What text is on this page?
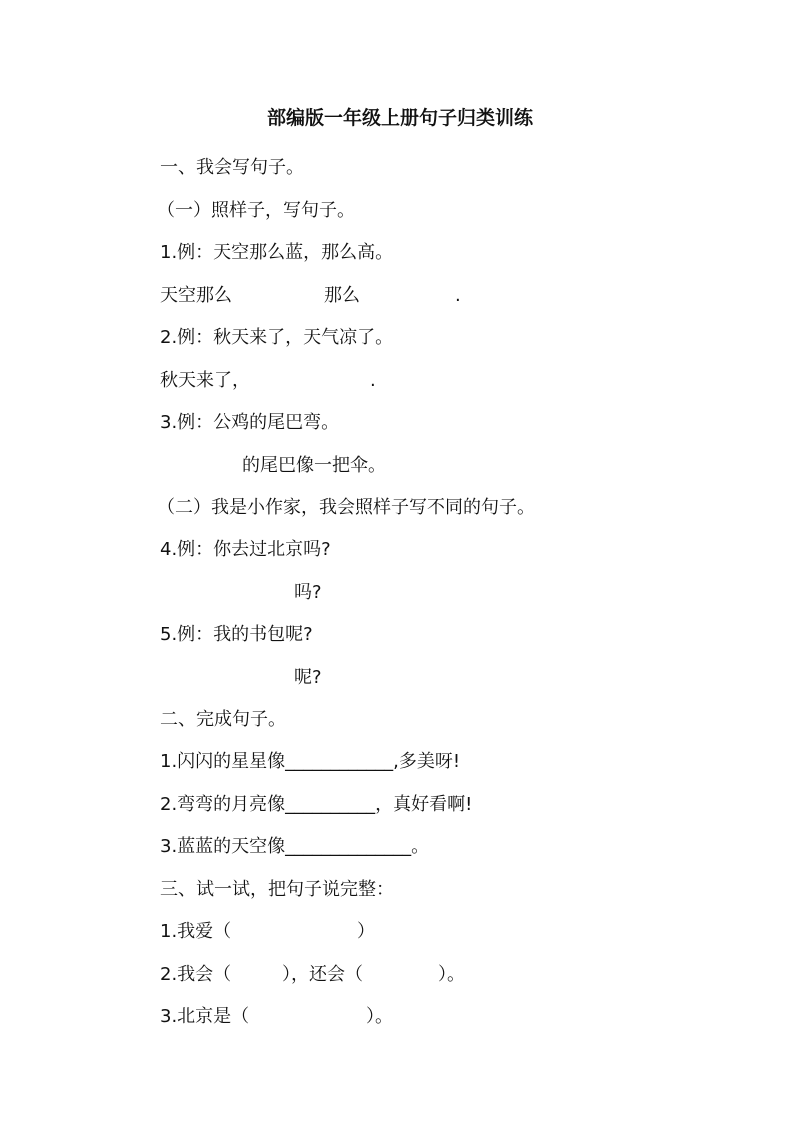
部编版一年级上册句子归类训练
一、我会写句子。
（一）照样子，写句子。
1.例：天空那么蓝，那么高。
天空那么	那么	.
2.例：秋天来了，天气凉了。
秋天来了，	.
3.例：公鸡的尾巴弯。
的尾巴像一把伞。
（二）我是小作家，我会照样子写不同的句子。
4.例：你去过北京吗?
吗?
5.例：我的书包呢?
呢?
二、完成句子。
1.闪闪的星星像____________,多美呀!
2.弯弯的月亮像__________，真好看啊!
3.蓝蓝的天空像______________。
三、试一试，把句子说完整：
1.我爱（	）
2.我会（	），还会（	）。
3.北京是（	）。
